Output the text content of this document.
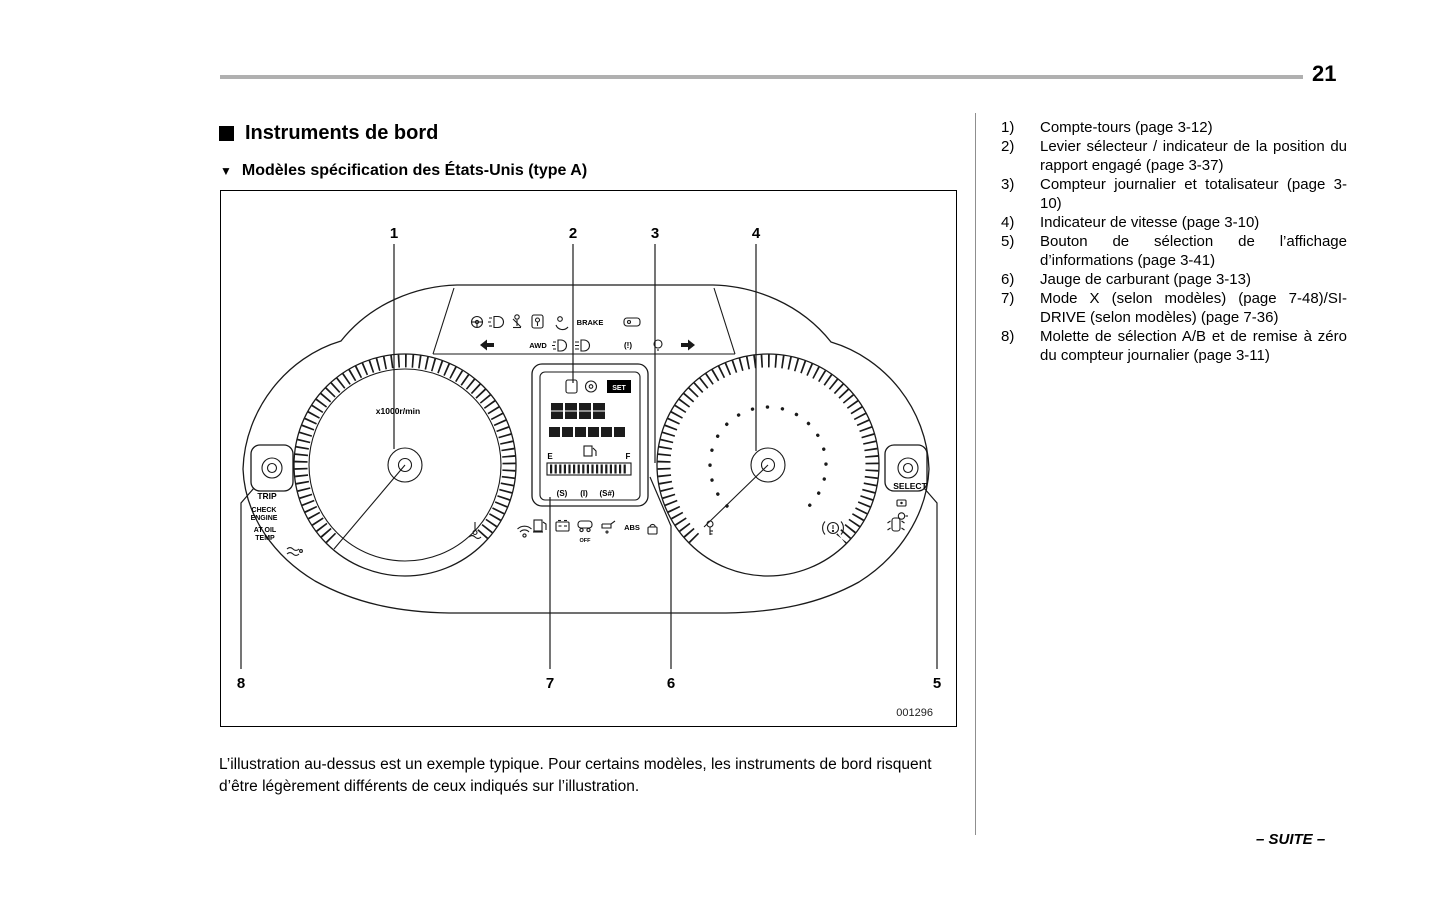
21
Instruments de bord
▼ Modèles spécification des États-Unis (type A)
x1000r/min
BRAKE
AWD	(!)
SET
E	F
(S) (I) (S#)
OFF
ABS
TRIP
CHECK
ENGINE
AT OIL
TEMP
SELECT
1	2	3	4
5
6
7
8
001296

L’illustration au-dessus est un exemple typique. Pour certains modèles, les instruments de bord risquent d’être légèrement différents de ceux indiqués sur l’illustration.

1)	Compte-tours (page 3-12)
2)	Levier sélecteur / indicateur de la position du rapport engagé (page 3-37)
3)	Compteur journalier et totalisateur (page 3-10)
4)	Indicateur de vitesse (page 3-10)
5)	Bouton de sélection de l’affichage d’informations (page 3-41)
6)	Jauge de carburant (page 3-13)
7)	Mode X (selon modèles) (page 7-48)/SI-DRIVE (selon modèles) (page 7-36)
8)	Molette de sélection A/B et de remise à zéro du compteur journalier (page 3-11)
– SUITE –
